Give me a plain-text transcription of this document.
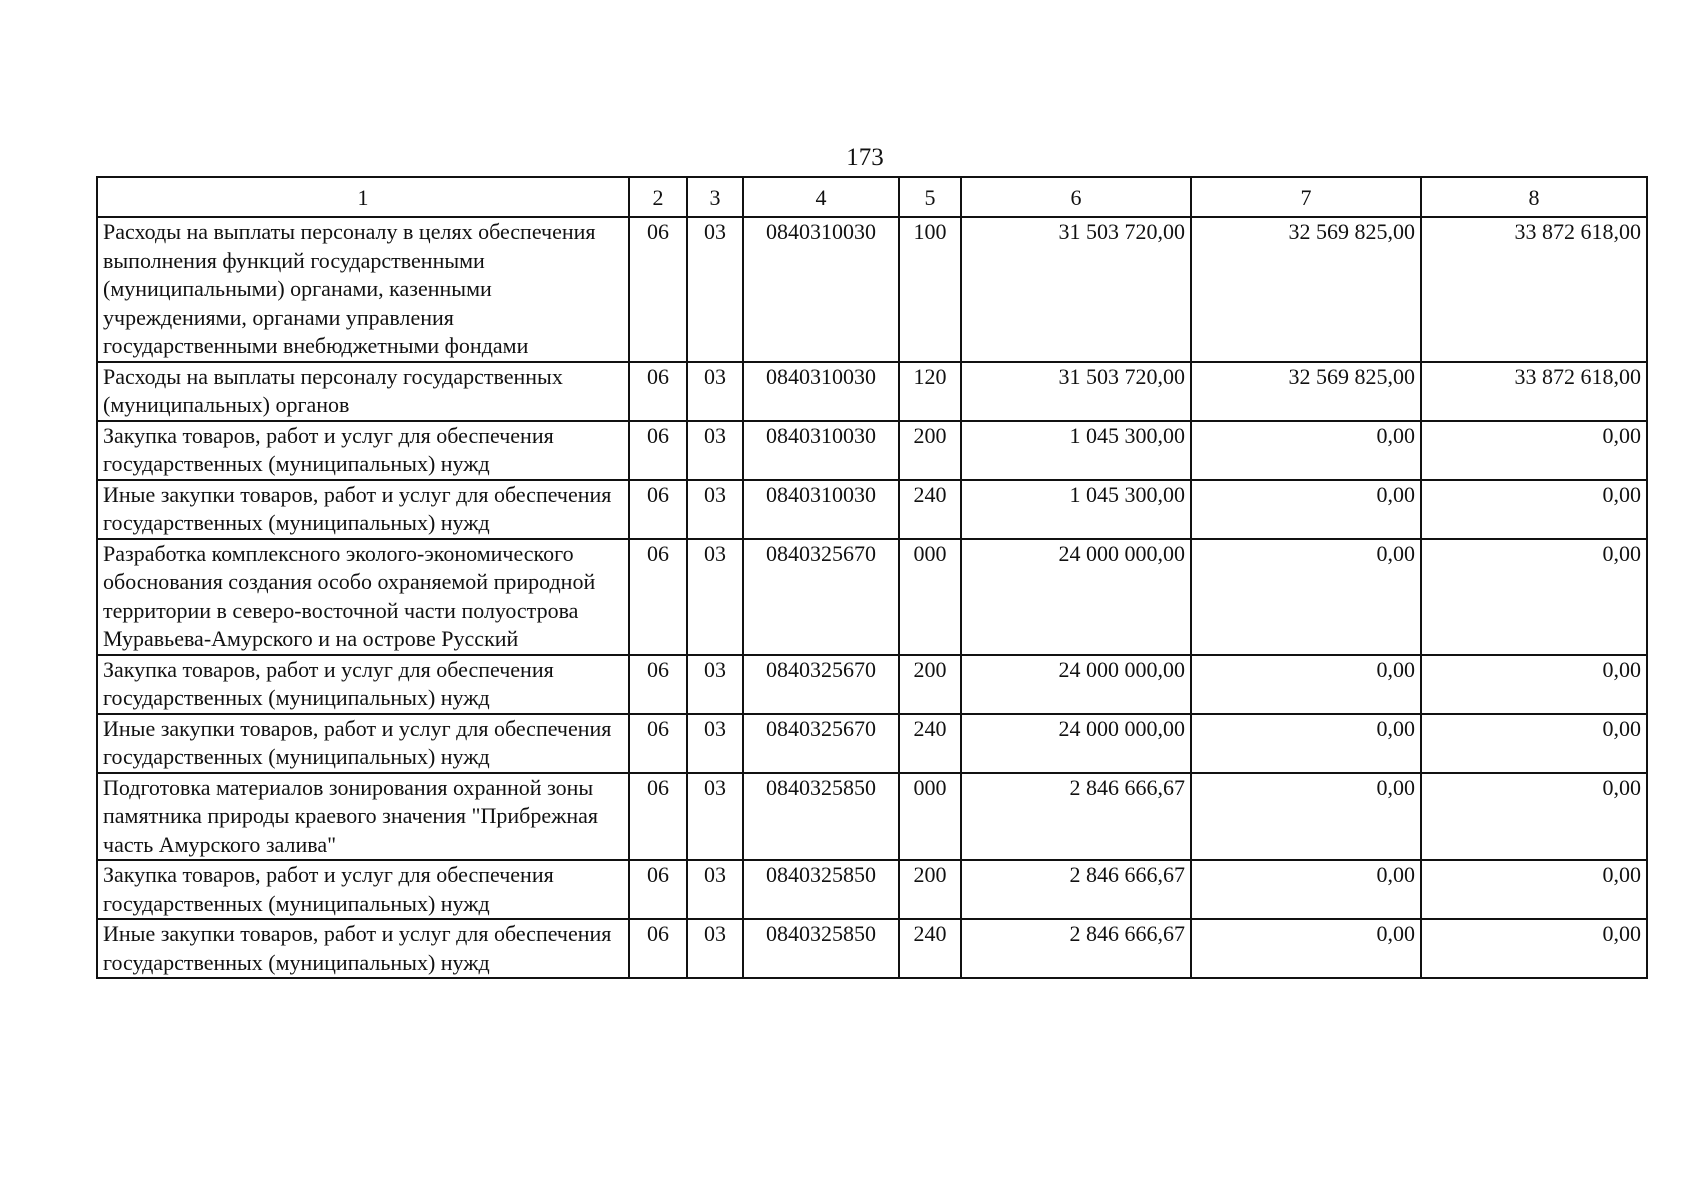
173
1	2	3	4	5	6	7	8
Расходы на выплаты персоналу в целях обеспечения выполнения функций государственными (муниципальными) органами, казенными учреждениями, органами управления государственными внебюджетными фондами	06	03	0840310030	100	31 503 720,00	32 569 825,00	33 872 618,00
Расходы на выплаты персоналу государственных (муниципальных) органов	06	03	0840310030	120	31 503 720,00	32 569 825,00	33 872 618,00
Закупка товаров, работ и услуг для обеспечения государственных (муниципальных) нужд	06	03	0840310030	200	1 045 300,00	0,00	0,00
Иные закупки товаров, работ и услуг для обеспечения государственных (муниципальных) нужд	06	03	0840310030	240	1 045 300,00	0,00	0,00
Разработка комплексного эколого-экономического обоснования создания особо охраняемой природной территории в северо-восточной части полуострова Муравьева-Амурского и на острове Русский	06	03	0840325670	000	24 000 000,00	0,00	0,00
Закупка товаров, работ и услуг для обеспечения государственных (муниципальных) нужд	06	03	0840325670	200	24 000 000,00	0,00	0,00
Иные закупки товаров, работ и услуг для обеспечения государственных (муниципальных) нужд	06	03	0840325670	240	24 000 000,00	0,00	0,00
Подготовка материалов зонирования охранной зоны памятника природы краевого значения "Прибрежная часть Амурского залива"	06	03	0840325850	000	2 846 666,67	0,00	0,00
Закупка товаров, работ и услуг для обеспечения государственных (муниципальных) нужд	06	03	0840325850	200	2 846 666,67	0,00	0,00
Иные закупки товаров, работ и услуг для обеспечения государственных (муниципальных) нужд	06	03	0840325850	240	2 846 666,67	0,00	0,00
